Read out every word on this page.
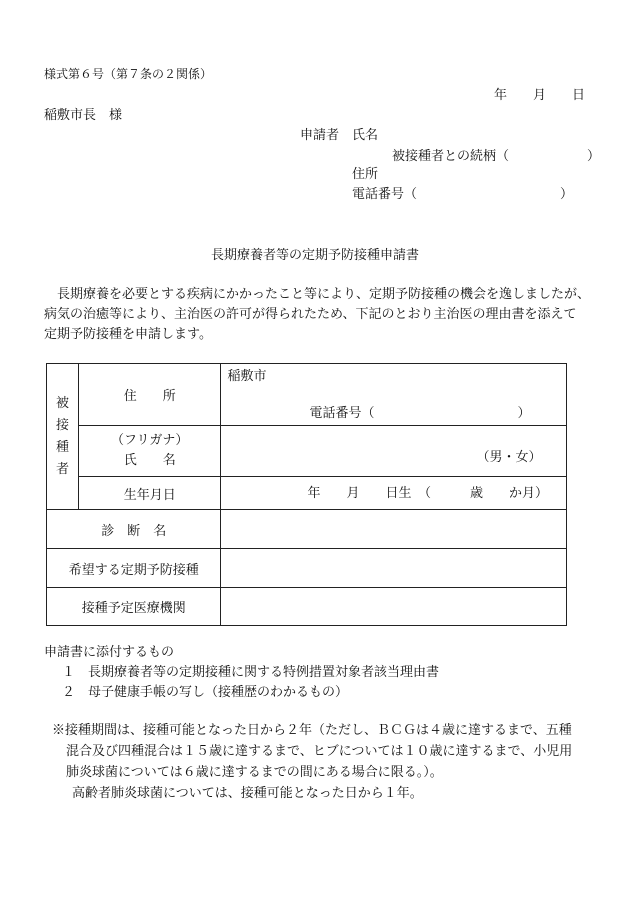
様式第６号（第７条の２関係）
年　　月　　日
稲敷市長　様
申請者 氏名
被接種者との続柄（　　　　　　）
住所
電話番号（　　　　　　　　　　　）
長期療養者等の定期予防接種申請書
　長期療養を必要とする疾病にかかったこと等により、定期予防接種の機会を逸しましたが、
病気の治癒等により、主治医の許可が得られたため、下記のとおり主治医の理由書を添えて
定期予防接種を申請します。
被
接
種
者	住　　所	稲敷市
電話番号（　　　　　　　　　　　）

	（フリガナ）
氏　　名	（男・女）

	生年月日	年　　月　　日生　（　　　歳　　か月）

診　断　名		
希望する定期予防接種		
接種予定医療機関		
申請書に添付するもの
１　長期療養者等の定期接種に関する特例措置対象者該当理由書
２　母子健康手帳の写し（接種歴のわかるもの）
※接種期間は、接種可能となった日から２年（ただし、ＢＣＧは４歳に達するまで、五種
混合及び四種混合は１５歳に達するまで、ヒブについては１０歳に達するまで、小児用
肺炎球菌については６歳に達するまでの間にある場合に限る。）。
高齢者肺炎球菌については、接種可能となった日から１年。
